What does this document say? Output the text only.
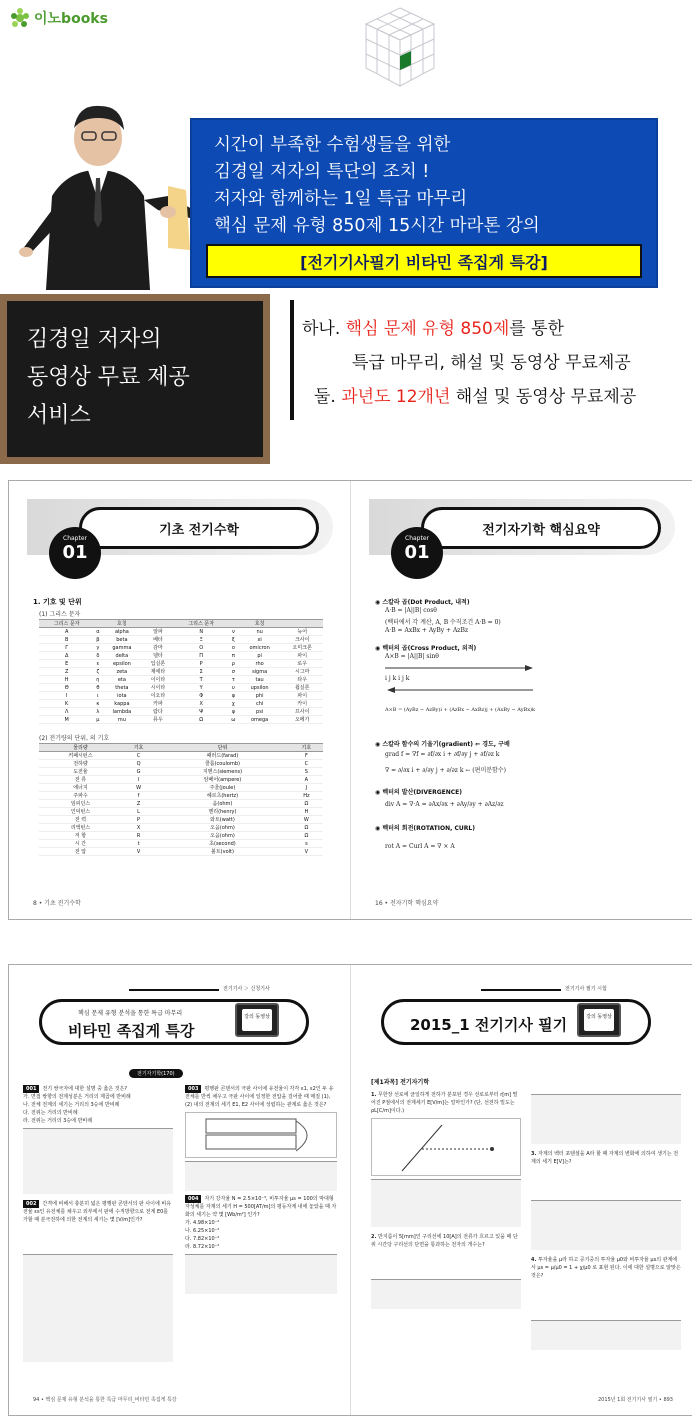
이노books
시간이 부족한 수험생들을 위한
김경일 저자의 특단의 조치 !
저자와 함께하는 1일 특급 마무리
핵심 문제 유형 850제 15시간 마라톤 강의
[전기기사필기 비타민 족집게 특강]
김경일 저자의
동영상 무료 제공
서비스
하나. 핵심 문제 유형 850제를 통한
특급 마무리, 해설 및 동영상 무료제공
둘. 과년도 12개년 해설 및 동영상 무료제공
기초 전기수학
Chapter
01
1. 기호 및 단위
(1) 그리스 문자
그리스 문자		호칭		그리스 문자		호칭	
Α	α	alpha	알파	Ν	ν	nu	뉴어
Β	β	beta	베타	Ξ	ξ	xi	크사이
Γ	γ	gamma	감마	Ο	ο	omicron	오미크론
Δ	δ	delta	델타	Π	π	pi	파이
Ε	ε	epsilon	입실론	Ρ	ρ	rho	로우
Ζ	ζ	zeta	제에타	Σ	σ	sigma	시그마
Η	η	eta	이이타	Τ	τ	tau	타우
Θ	θ	theta	시이타	Υ	υ	upsilon	윕실론
Ι	ι	iota	이오타	Φ	φ	phi	파이
Κ	κ	kappa	카파	Χ	χ	chi	카이
Λ	λ	lambda	람다	Ψ	ψ	psi	프사이
Μ	μ	mu	뮤우	Ω	ω	omega	오메가
(2) 전기량의 단위, 의 기호
물리량	기호	단위	기호
커패시턴스	C	패러드(farad)	F
전하량	Q	쿨롬(coulomb)	C
도전율	G	지멘스(siemens)	S
전 류	I	암페어(ampere)	A
에너지	W	주울(joule)	J
주파수	f	헤르츠(hertz)	Hz
임피던스	Z	옴(ohm)	Ω
인덕턴스	L	헨리(henry)	H
전 력	P	와트(watt)	W
리액턴스	X	오옴(ohm)	Ω
저 항	R	오옴(ohm)	Ω
시 간	t	초(second)	s
전 압	V	볼트(volt)	V
8 • 기초 전기수학
전기자기학 핵심요약
Chapter
01
◉ 스칼라 곱(Dot Product, 내적)
A·B = |A||B| cosθ
(벡터에서 각 계산, A, B 수직조건 A·B = 0)
A·B = AxBx + AyBy + AzBz
◉ 벡터의 곱(Cross Product, 외적)
A×B = |A||B| sinθ
i j k i j k
A×B = (AyBz − AzBy)i + (AzBx − AxBz)j + (AxBy − AyBx)k
◉ 스칼라 함수의 기울기(gradient) ⇐ 경도, 구배
grad f = ∇f = ∂f/∂x i + ∂f/∂y j + ∂f/∂z k
∇ = ∂/∂x i + ∂/∂y j + ∂/∂z k ← (편미분함수)
◉ 벡터의 발산(DIVERGENCE)
div A = ∇·A = ∂Ax/∂x + ∂Ay/∂y + ∂Az/∂z
◉ 벡터의 회전(ROTATION, CURL)
rot A = Curl A = ∇ × A
16 • 전자기학 핵심요약
전기기사 ＞ 신청기사
핵심 문제 유형 분석을 통한 특급 마무리
비타민 족집게 특강
강의 동영상
전기자기학(170)
001 전기 쌍극자에 대한 설명 중 옳은 것은?
가. 면접 쌍향의 전계성분은 거리의 제곱에 반비례
나. 전체 전계의 세기는 거리의 3승에 반비례
다. 전위는 거리의 반비례
라. 전위는 거리의 3승에 반비례
002 간격에 비해서 충분히 넓은 평행판 콘덴서의 판 사이에 비유전율 εs인 유전체를 채우고 외부에서 판에 수직방향으로 전계 E0를 가할 때 분극전하에 의한 전계의 세기는 몇 [V/m]인가?
003 평행판 콘덴서의 극판 사이에 유전율이 각각 ε1, ε2인 두 유전체를 반씩 채우고 극판 사이에 일정한 전압을 걸어줄 때 매질 (1), (2) 내의 전계의 세기 E1, E2 사이에 성립하는 관계로 옳은 것은?
004 자기 강자율 N = 2.5×10⁻³, 비투자율 μs = 100의 막대형 자성체를 자계의 세기 H = 500[AT/m]의 평등자계 내에 놓았을 때 자화의 세기는 약 몇 [Wb/m²] 인가?
가. 4.98×10⁻²
나. 6.25×10⁻²
다. 7.82×10⁻²
라. 8.72×10⁻²
94 • 핵심 문제 유형 분석을 통한 특급 마무리_비타민 족집게 특강
전기기사 필기 시험
2015_1 전기기사 필기	강의 동영상
[제1과목] 전기자기학
1. 무한장 선로에 균일하게 전하가 분포된 경우 선로로부터 r[m] 떨어진 P점에서의 전계세기 E[V/m]는 얼마인가? (단, 선전하 밀도는 ρL[C/m]이다.)
2. 반지름이 5[mm]인 구리선에 10[A]의 전류가 흐르고 있을 때 단위 시간당 구리선의 단면을 통과하는 전자의 개수는?
3. 자계의 벡터 포텐셜을 A라 할 때 자계의 변화에 의하여 생기는 전계의 세기 E[V]는?
4. 투자율을 μ라 하고 공기중의 투자율 μ0와 비투자율 μs의 관계에서 μs = μ/μ0 = 1 + χ/μ0 로 표현 된다. 이에 대한 설명으로 알맞은 것은?
2015년 1회 전기기사 필기 • 893
